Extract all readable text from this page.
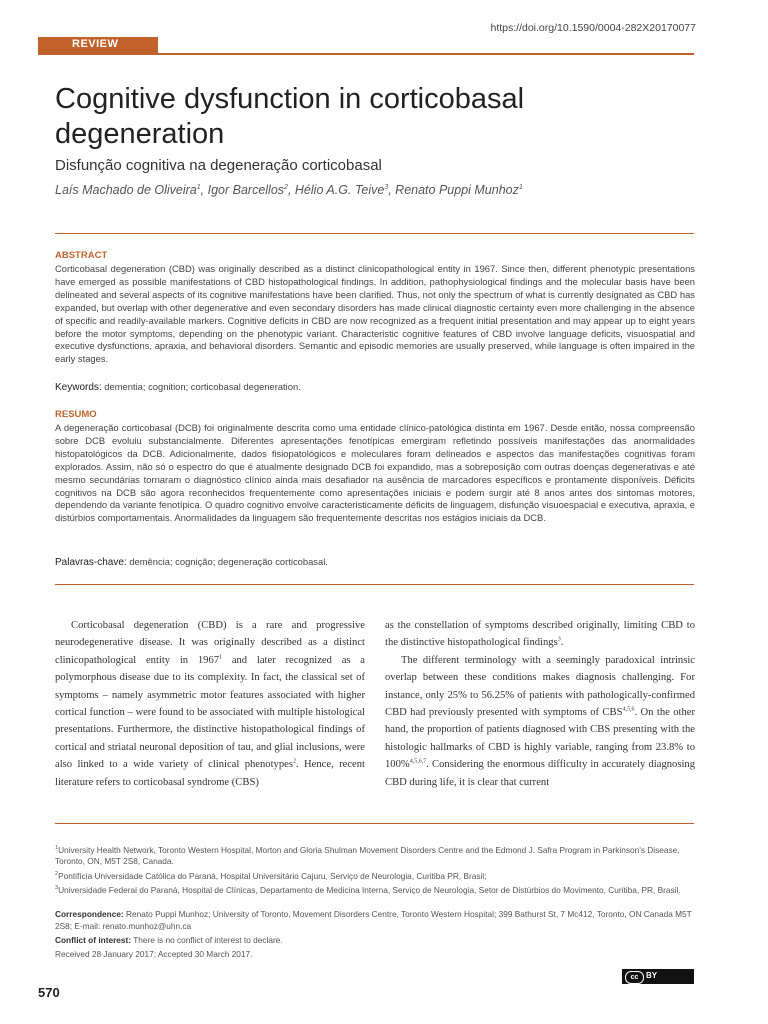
https://doi.org/10.1590/0004-282X20170077
REVIEW
Cognitive dysfunction in corticobasal degeneration
Disfunção cognitiva na degeneração corticobasal
Laís Machado de Oliveira$^1$, Igor Barcellos$^2$, Hélio A.G. Teive$^3$, Renato Puppi Munhoz$^1$
ABSTRACT
Corticobasal degeneration (CBD) was originally described as a distinct clinicopathological entity in 1967. Since then, different phenotypic presentations have emerged as possible manifestations of CBD histopathological findings. In addition, pathophysiological findings and the molecular basis have been delineated and several aspects of its cognitive manifestations have been clarified. Thus, not only the spectrum of what is currently designated as CBD has expanded, but overlap with other degenerative and even secondary disorders has made clinical diagnostic certainty even more challenging in the absence of specific and readily-available markers. Cognitive deficits in CBD are now recognized as a frequent initial presentation and may appear up to eight years before the motor symptoms, depending on the phenotypic variant. Characteristic cognitive features of CBD involve language deficits, visuospatial and executive dysfunctions, apraxia, and behavioral disorders. Semantic and episodic memories are usually preserved, while language is often impaired in the early stages.
Keywords: dementia; cognition; corticobasal degeneration.
RESUMO
A degeneração corticobasal (DCB) foi originalmente descrita como uma entidade clínico-patológica distinta em 1967. Desde então, nossa compreensão sobre DCB evoluiu substancialmente. Diferentes apresentações fenotípicas emergiram refletindo possíveis manifestações das anormalidades histopatológicos da DCB. Adicionalmente, dados fisiopatológicos e moleculares foram delineados e aspectos das manifestações cognitivas foram explorados. Assim, não só o espectro do que é atualmente designado DCB foi expandido, mas a sobreposição com outras doenças degenerativas e até mesmo secundárias tornaram o diagnóstico clínico ainda mais desafiador na ausência de marcadores específicos e prontamente disponíveis. Déficits cognitivos na DCB são agora reconhecidos frequentemente como apresentações iniciais e podem surgir até 8 anos antes dos sintomas motores, dependendo da variante fenotípica. O quadro cognitivo envolve caracteristicamente déficits de linguagem, disfunção visuoespacial e executiva, apraxia, e distúrbios comportamentais. Anormalidades da linguagem são frequentemente descritas nos estágios iniciais da DCB.
Palavras-chave: demência; cognição; degeneração corticobasal.

Corticobasal degeneration (CBD) is a rare and progressive neurodegenerative disease. It was originally described as a distinct clinicopathological entity in 1967$^1$ and later recognized as a polymorphous disease due to its complexity. In fact, the classical set of symptoms – namely asymmetric motor features associated with higher cortical function – were found to be associated with multiple histological presentations. Furthermore, the distinctive histopathological findings of cortical and striatal neuronal deposition of tau, and glial inclusions, were also linked to a wide variety of clinical phenotypes$^2$. Hence, recent literature refers to corticobasal syndrome (CBS)

as the constellation of symptoms described originally, limiting CBD to the distinctive histopathological findings$^3$.

The different terminology with a seemingly paradoxical intrinsic overlap between these conditions makes diagnosis challenging. For instance, only 25% to 56.25% of patients with pathologically-confirmed CBD had previously presented with symptoms of CBS$^{4,5,6}$. On the other hand, the proportion of patients diagnosed with CBS presenting with the histologic hallmarks of CBD is highly variable, ranging from 23.8% to 100%$^{4,5,6,7}$. Considering the enormous difficulty in accurately diagnosing CBD during life, it is clear that current

$^1$University Health Network, Toronto Western Hospital, Morton and Gloria Shulman Movement Disorders Centre and the Edmond J. Safra Program in Parkinson's Disease, Toronto, ON, M5T 2S8, Canada.
$^2$Pontifícia Universidade Católica do Paraná, Hospital Universitário Cajuru, Serviço de Neurologia, Curitiba PR, Brasil;
$^3$Universidade Federal do Paraná, Hospital de Clínicas, Departamento de Medicina Interna, Serviço de Neurologia, Setor de Distúrbios do Movimento, Curitiba, PR, Brasil.
Correspondence: Renato Puppi Munhoz; University of Toronto, Movement Disorders Centre, Toronto Western Hospital; 399 Bathurst St, 7 Mc412, Toronto, ON Canada M5T 2S8; E-mail: renato.munhoz@uhn.ca
Conflict of interest: There is no conflict of interest to declare.
Received 28 January 2017; Accepted 30 March 2017.
cc BY
570
